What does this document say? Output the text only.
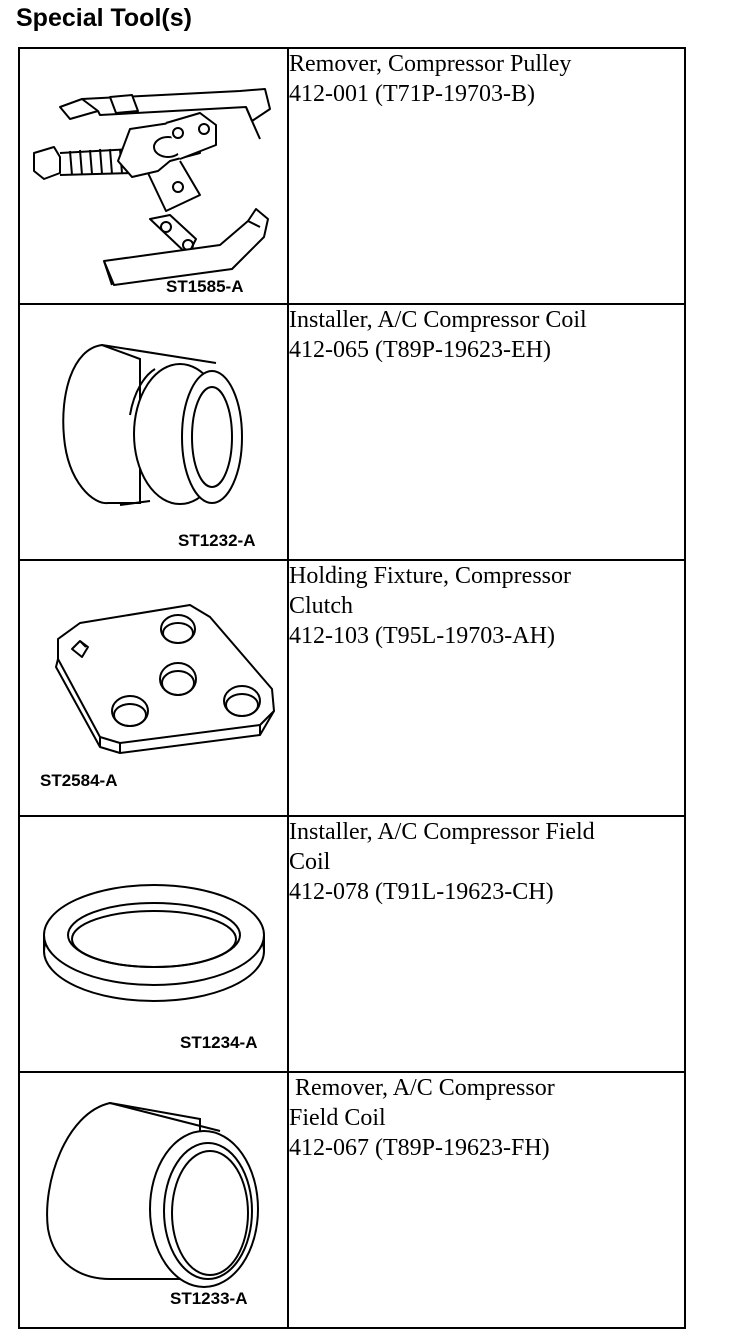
Special Tool(s)
ST1585-A	Remover, Compressor Pulley
412-001 (T71P-19703-B)

ST1232-A	Installer, A/C Compressor Coil
412-065 (T89P-19623-EH)

ST2584-A	Holding Fixture, Compressor
Clutch
412-103 (T95L-19703-AH)

ST1234-A	Installer, A/C Compressor Field
Coil
412-078 (T91L-19623-CH)

ST1233-A	Remover, A/C Compressor
Field Coil
412-067 (T89P-19623-FH)
